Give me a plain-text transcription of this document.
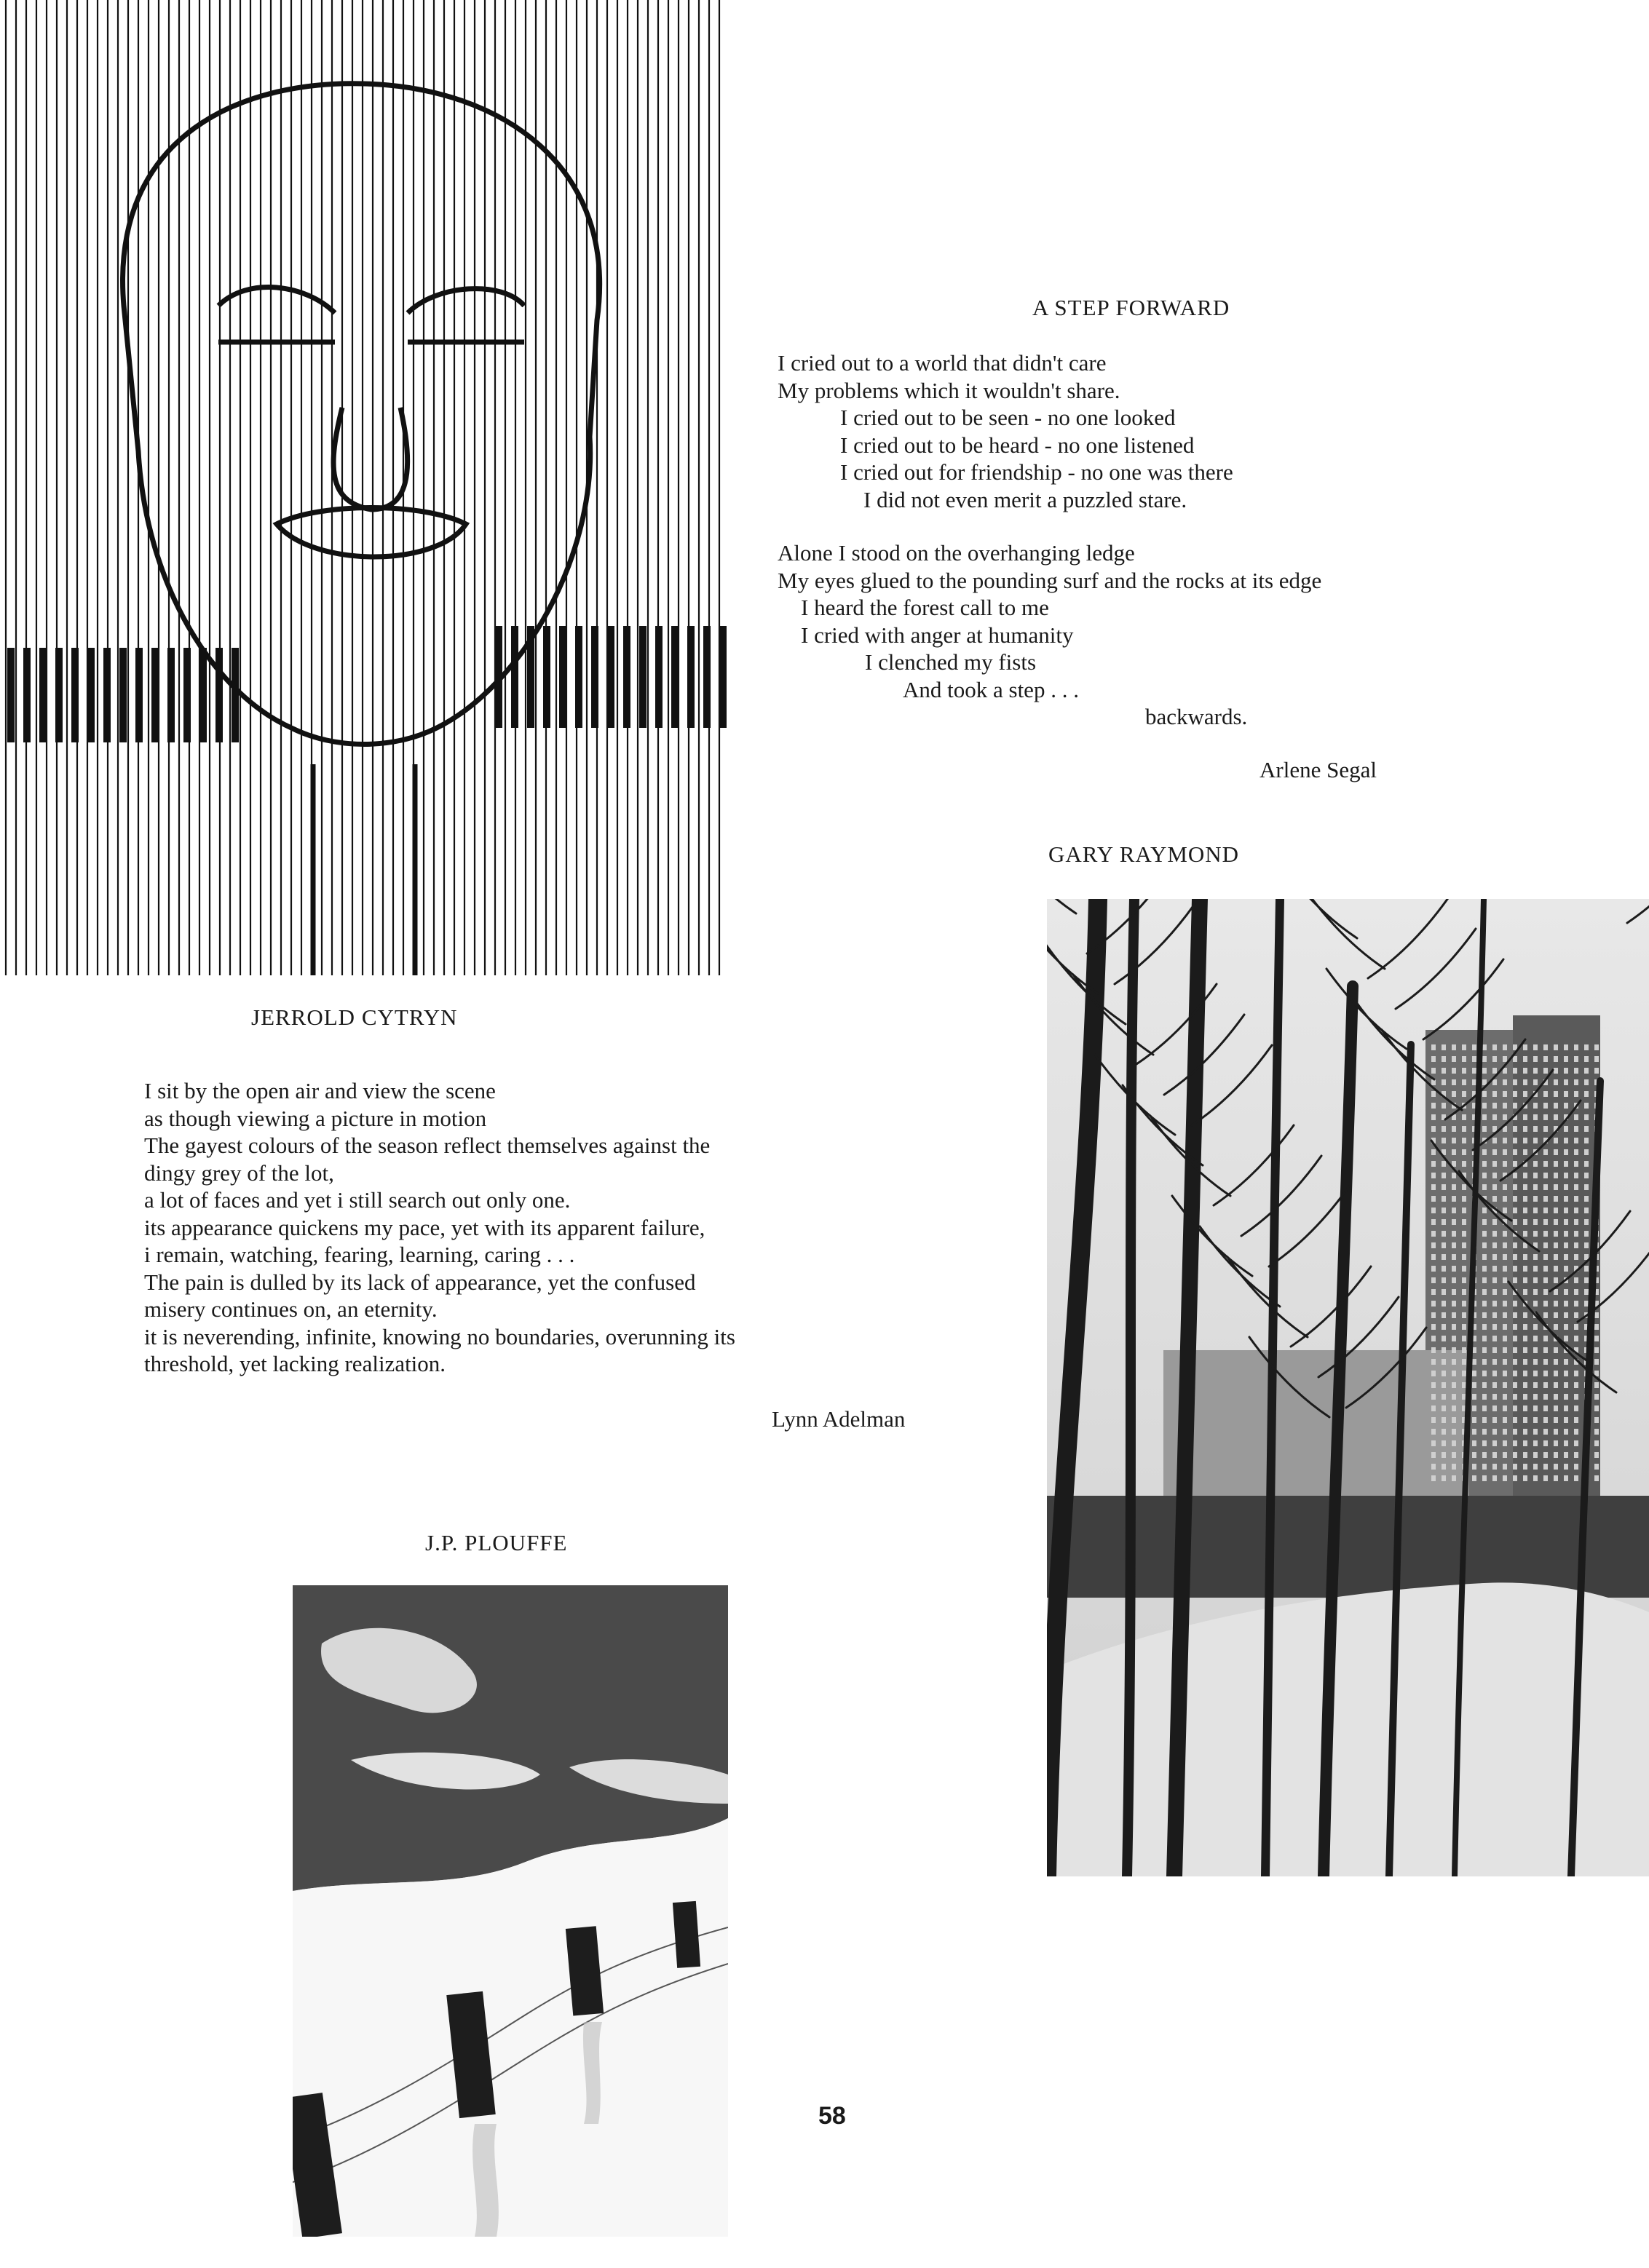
A STEP FORWARD
I cried out to a world that didn't care
My problems which it wouldn't share.
I cried out to be seen - no one looked
I cried out to be heard - no one listened
I cried out for friendship - no one was there
I did not even merit a puzzled stare.
Alone I stood on the overhanging ledge
My eyes glued to the pounding surf and the rocks at its edge
I heard the forest call to me
I cried with anger at humanity
I clenched my fists
And took a step . . .
backwards.
Arlene Segal
GARY RAYMOND
JERROLD CYTRYN
I sit by the open air and view the scene
as though viewing a picture in motion
The gayest colours of the season reflect themselves against the
dingy grey of the lot,
a lot of faces and yet i still search out only one.
its appearance quickens my pace, yet with its apparent failure,
i remain, watching, fearing, learning, caring . . .
The pain is dulled by its lack of appearance, yet the confused
misery continues on, an eternity.
it is neverending, infinite, knowing no boundaries, overunning its
threshold, yet lacking realization.
Lynn Adelman
J.P. PLOUFFE
58
